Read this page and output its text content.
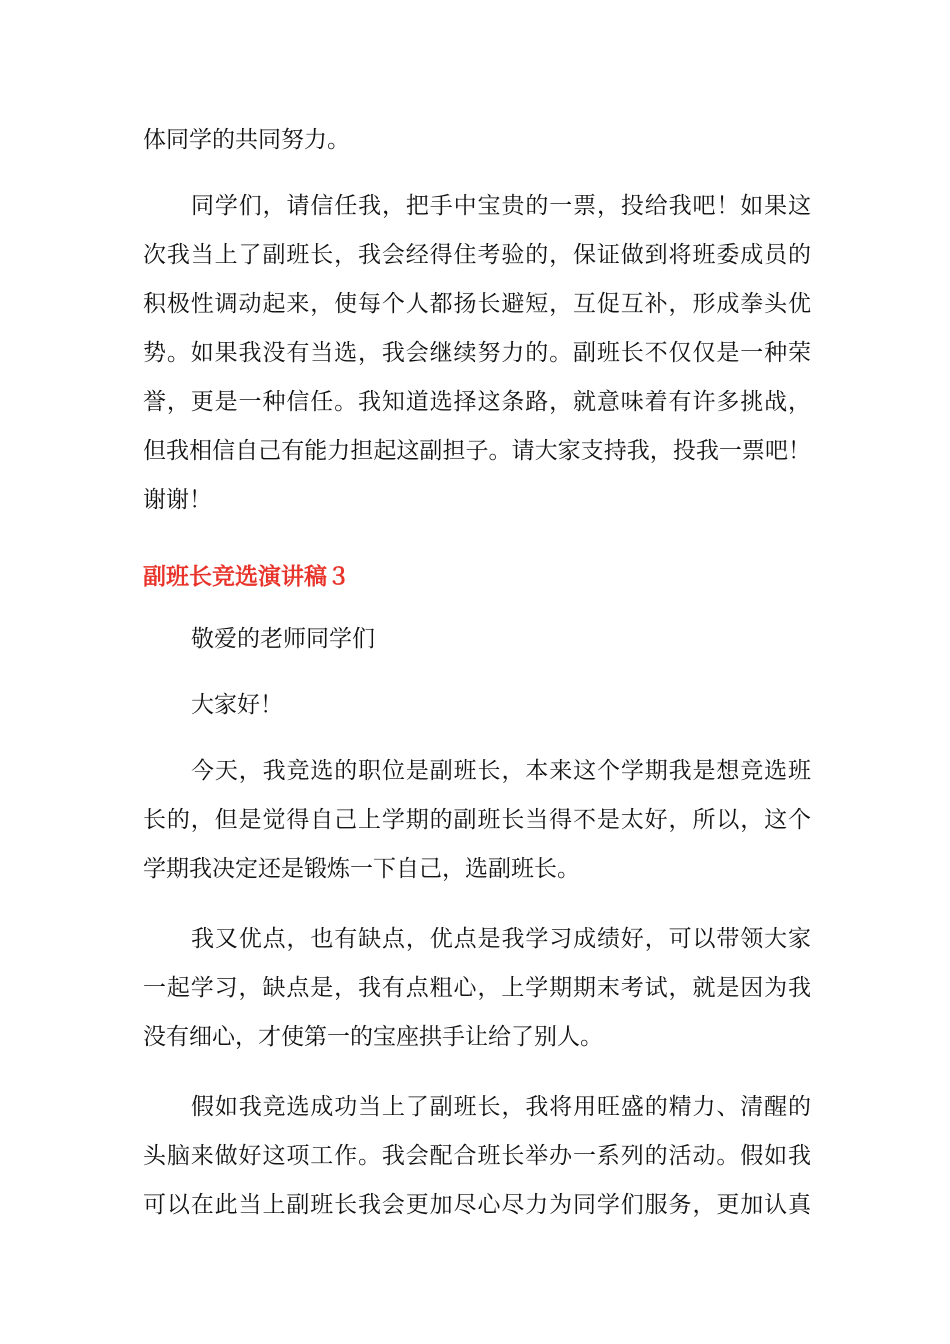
体同学的共同努力。
同学们，请信任我，把手中宝贵的一票，投给我吧！如果这
次我当上了副班长，我会经得住考验的，保证做到将班委成员的
积极性调动起来，使每个人都扬长避短，互促互补，形成拳头优
势。如果我没有当选，我会继续努力的。副班长不仅仅是一种荣
誉，更是一种信任。我知道选择这条路，就意味着有许多挑战，
但我相信自己有能力担起这副担子。请大家支持我，投我一票吧！
谢谢！
副班长竞选演讲稿３
敬爱的老师同学们
大家好！
今天，我竞选的职位是副班长，本来这个学期我是想竞选班
长的，但是觉得自己上学期的副班长当得不是太好，所以，这个
学期我决定还是锻炼一下自己，选副班长。
我又优点，也有缺点，优点是我学习成绩好，可以带领大家
一起学习，缺点是，我有点粗心，上学期期末考试，就是因为我
没有细心，才使第一的宝座拱手让给了别人。
假如我竞选成功当上了副班长，我将用旺盛的精力、清醒的
头脑来做好这项工作。我会配合班长举办一系列的活动。假如我
可以在此当上副班长我会更加尽心尽力为同学们服务，更加认真
